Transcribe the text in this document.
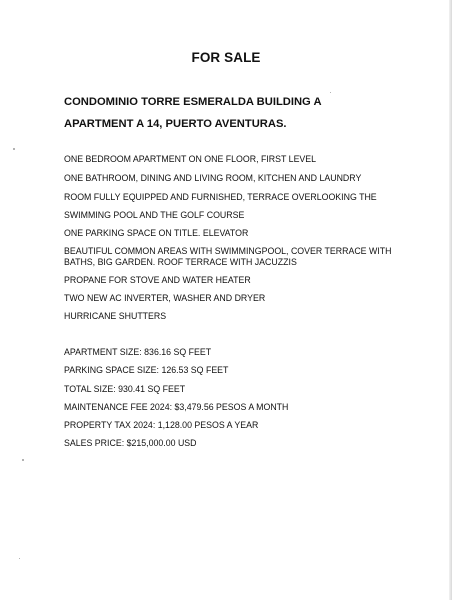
FOR SALE
CONDOMINIO TORRE ESMERALDA BUILDING A
APARTMENT A 14, PUERTO AVENTURAS.
ONE BEDROOM APARTMENT ON ONE FLOOR, FIRST LEVEL
ONE BATHROOM, DINING AND LIVING ROOM, KITCHEN AND LAUNDRY
ROOM FULLY EQUIPPED AND FURNISHED, TERRACE OVERLOOKING THE
SWIMMING POOL AND THE GOLF COURSE
ONE PARKING SPACE ON TITLE. ELEVATOR
BEAUTIFUL COMMON AREAS WITH SWIMMINGPOOL, COVER TERRACE WITH BATHS, BIG GARDEN. ROOF TERRACE WITH JACUZZIS
PROPANE FOR STOVE AND WATER HEATER
TWO NEW AC INVERTER, WASHER AND DRYER
HURRICANE SHUTTERS
APARTMENT SIZE: 836.16 SQ FEET
PARKING SPACE SIZE: 126.53 SQ FEET
TOTAL SIZE: 930.41 SQ FEET
MAINTENANCE FEE 2024: $3,479.56 PESOS A MONTH
PROPERTY TAX 2024: 1,128.00 PESOS A YEAR
SALES PRICE: $215,000.00 USD
